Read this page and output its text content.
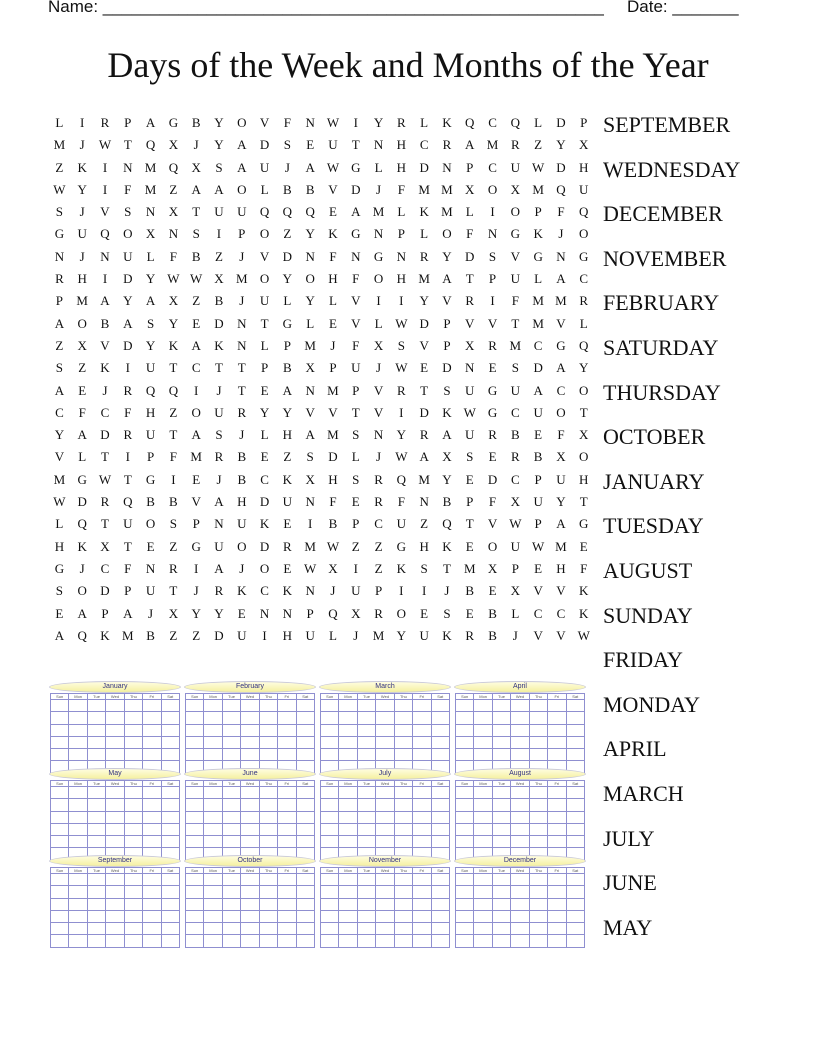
Name: _____________________________________________________ Date: _______
Days of the Week and Months of the Year
L	I	R	P	A	G	B	Y	O	V	F	N W	I	Y	R	L	K	Q	C	Q	L	D	P
M	J	W T	Q	X	J	Y	A	D	S	E	U	T	N	H	C	R	A M R	Z	Y	X
Z	K	I	N M Q	X	S	A	U	J	A W G	L	H	D	N	P	C	U W D	H
W Y	I	F	M	Z	A	A	O	L	B	B	V	D	J	F	M M X	O	X M Q	U
S	J	V	S	N	X	T	U	U	Q	Q	Q	E	A M	L	K M	L	I	O	P	F	Q
G	U	Q	O	X	N	S	I	P	O	Z	Y	K	G	N	P	L	O	F	N	G	K	J	O
N	J	N	U	L	F	B	Z	J	V	D	N	F	N	G	N	R	Y	D	S	V	G	N	G
R	H	I	D	Y W W X M O	Y	O	H	F	O	H M A	T	P	U	L	A	C
P	M A	Y	A	X	Z	B	J	U	L	Y	L	V	I	I	Y	V	R	I	F	M M R
A	O	B	A	S	Y	E	D	N	T	G	L	E	V	L W D	P	V	V	T	M V	L
Z	X	V	D	Y	K	A	K	N	L	P	M	J	F	X	S	V	P	X	R M C	G	Q
S	Z	K	I	U	T	C	T	T	P	B	X	P	U	J	W E	D	N	E	S	D	A	Y
A	E	J	R	Q	Q	I	J	T	E	A	N M	P	V	R	T	S	U	G	U	A	C	O
C	F	C	F	H	Z	O	U	R	Y	Y	V	V	T	V	I	D	K W G	C	U	O	T
Y	A	D	R	U	T	A	S	J	L	H	A M	S	N	Y	R	A	U	R	B	E	F	X
V	L	T	I	P	F	M R	B	E	Z	S	D	L	J	W A	X	S	E	R	B	X	O
M G W T	G	I	E	J	B	C	K	X	H	S	R	Q M Y	E	D	C	P	U	H
W D	R	Q	B	B	V	A	H	D	U	N	F	E	R	F	N	B	P	F	X	U	Y	T
L	Q	T	U	O	S	P	N	U	K	E	I	B	P	C	U	Z	Q	T	V W	P	A	G
H	K	X	T	E	Z	G	U	O	D	R M W Z	Z	G	H	K	E	O	U W M	E
G	J	C	F	N	R	I	A	J	O	E W X	I	Z	K	S	T	M X	P	E	H	F
S	O	D	P	U	T	J	R	K	C	K	N	J	U	P	I	I	J	B	E	X	V	V	K
E	A	P	A	J	X	Y	Y	E	N	N	P	Q	X	R	O	E	S	E	B	L	C	C	K
A	Q	K M B	Z	Z	D	U	I	H	U	L	J	M Y	U	K	R	B	J	V	V W
SEPTEMBER
WEDNESDAY
DECEMBER
NOVEMBER
FEBRUARY
SATURDAY
THURSDAY
OCTOBER
JANUARY
TUESDAY
AUGUST
SUNDAY
FRIDAY
MONDAY
APRIL
MARCH
JULY
JUNE
MAY
January
Sun	Mon	Tue	Wed	Thu	Fri	Sat

February
Sun	Mon	Tue	Wed	Thu	Fri	Sat

March
Sun	Mon	Tue	Wed	Thu	Fri	Sat

April
Sun	Mon	Tue	Wed	Thu	Fri	Sat

May
Sun	Mon	Tue	Wed	Thu	Fri	Sat

June
Sun	Mon	Tue	Wed	Thu	Fri	Sat

July
Sun	Mon	Tue	Wed	Thu	Fri	Sat

August
Sun	Mon	Tue	Wed	Thu	Fri	Sat

September
Sun	Mon	Tue	Wed	Thu	Fri	Sat

October
Sun	Mon	Tue	Wed	Thu	Fri	Sat

November
Sun	Mon	Tue	Wed	Thu	Fri	Sat

December
Sun	Mon	Tue	Wed	Thu	Fri	Sat
